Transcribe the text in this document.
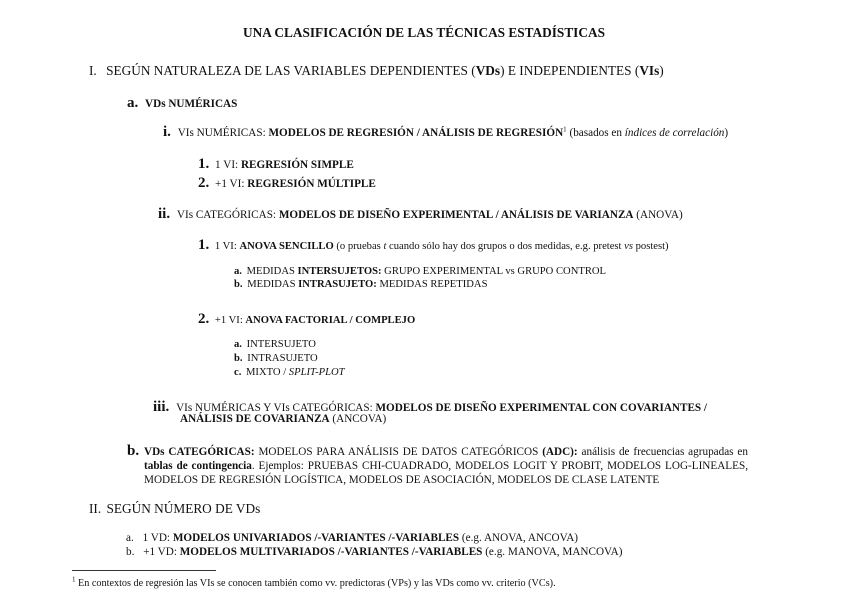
UNA CLASIFICACIÓN DE LAS TÉCNICAS ESTADÍSTICAS
I. SEGÚN NATURALEZA DE LAS VARIABLES DEPENDIENTES (VDs) E INDEPENDIENTES (VIs)
a. VDs NUMÉRICAS
i. VIs NUMÉRICAS: MODELOS DE REGRESIÓN / ANÁLISIS DE REGRESIÓN$^1$ (basados en índices de correlación)
1. 1 VI: REGRESIÓN SIMPLE
2. +1 VI: REGRESIÓN MÚLTIPLE
ii. VIs CATEGÓRICAS: MODELOS DE DISEÑO EXPERIMENTAL / ANÁLISIS DE VARIANZA (ANOVA)
1. 1 VI: ANOVA SENCILLO (o pruebas t cuando sólo hay dos grupos o dos medidas, e.g. pretest vs postest)
a. MEDIDAS INTERSUJETOS: GRUPO EXPERIMENTAL vs GRUPO CONTROL
b. MEDIDAS INTRASUJETO: MEDIDAS REPETIDAS
2. +1 VI: ANOVA FACTORIAL / COMPLEJO
a. INTERSUJETO
b. INTRASUJETO
c. MIXTO / SPLIT-PLOT
iii. VIs NUMÉRICAS Y VIs CATEGÓRICAS: MODELOS DE DISEÑO EXPERIMENTAL CON COVARIANTES /
ANÁLISIS DE COVARIANZA (ANCOVA)
b. VDs CATEGÓRICAS: MODELOS PARA ANÁLISIS DE DATOS CATEGÓRICOS (ADC): análisis de frecuencias agrupadas en tablas de contingencia. Ejemplos: PRUEBAS CHI-CUADRADO, MODELOS LOGIT Y PROBIT, MODELOS LOG-LINEALES, MODELOS DE REGRESIÓN LOGÍSTICA, MODELOS DE ASOCIACIÓN, MODELOS DE CLASE LATENTE
II. SEGÚN NÚMERO DE VDs
a. 1 VD: MODELOS UNIVARIADOS /-VARIANTES /-VARIABLES (e.g. ANOVA, ANCOVA)
b. +1 VD: MODELOS MULTIVARIADOS /-VARIANTES /-VARIABLES (e.g. MANOVA, MANCOVA)
$^1$ En contextos de regresión las VIs se conocen también como vv. predictoras (VPs) y las VDs como vv. criterio (VCs).
